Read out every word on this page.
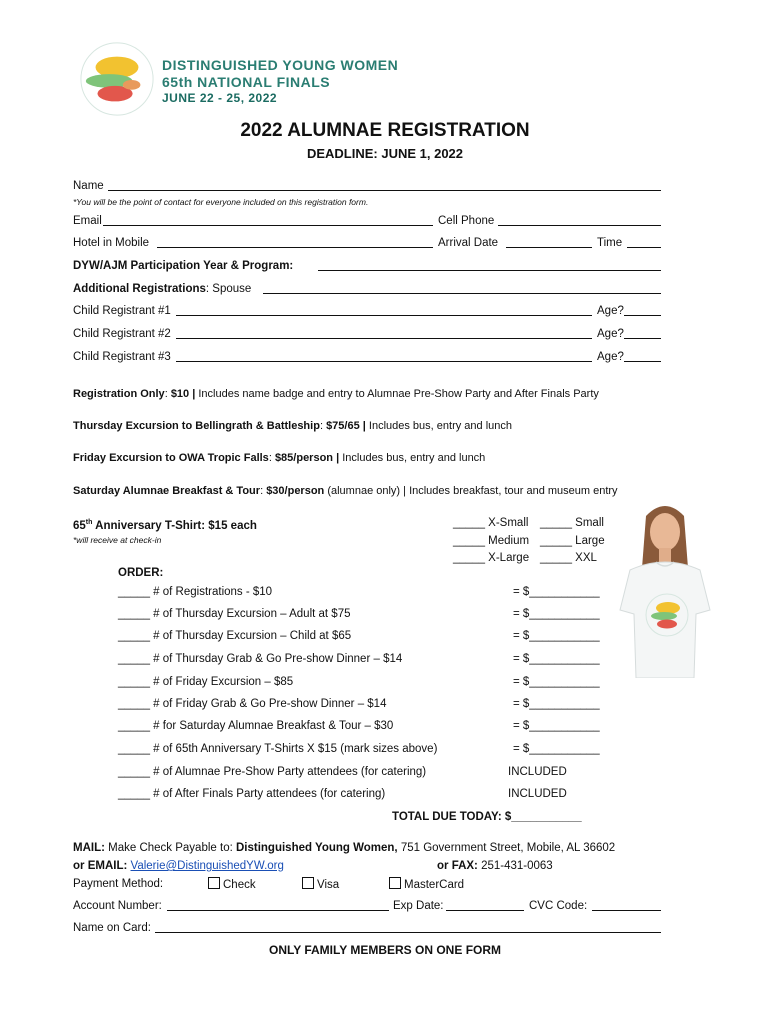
DISTINGUISHED YOUNG WOMEN
65th NATIONAL FINALS
JUNE 22 - 25, 2022
2022 ALUMNAE REGISTRATION
DEADLINE: JUNE 1, 2022
Name
*You will be the point of contact for everyone included on this registration form.
Email	Cell Phone
Hotel in Mobile	Arrival Date	Time
DYW/AJM Participation Year & Program:
Additional Registrations: Spouse
Child Registrant #1	Age?
Child Registrant #2	Age?
Child Registrant #3	Age?
Registration Only: $10 | Includes name badge and entry to Alumnae Pre-Show Party and After Finals Party
Thursday Excursion to Bellingrath & Battleship: $75/65 | Includes bus, entry and lunch
Friday Excursion to OWA Tropic Falls: $85/person | Includes bus, entry and lunch
Saturday Alumnae Breakfast & Tour: $30/person (alumnae only) | Includes breakfast, tour and museum entry
65th Anniversary T-Shirt: $15 each
*will receive at check-in
_____ X-Small _____ Small
_____ Medium _____ Large
_____ X-Large _____ XXL
ORDER:
_____ # of Registrations - $10	= $___________
_____ # of Thursday Excursion – Adult at $75	= $___________
_____ # of Thursday Excursion – Child at $65	= $___________
_____ # of Thursday Grab & Go Pre-show Dinner – $14	= $___________
_____ # of Friday Excursion – $85	= $___________
_____ # of Friday Grab & Go Pre-show Dinner – $14	= $___________
_____ # for Saturday Alumnae Breakfast & Tour – $30	= $___________
_____ # of 65th Anniversary T-Shirts X $15 (mark sizes above)	= $___________
_____ # of Alumnae Pre-Show Party attendees (for catering)	INCLUDED
_____ # of After Finals Party attendees (for catering)	INCLUDED
TOTAL DUE TODAY: $___________
MAIL: Make Check Payable to: Distinguished Young Women, 751 Government Street, Mobile, AL 36602
or EMAIL: Valerie@DistinguishedYW.org	or FAX: 251-431-0063
Payment Method:	Check	Visa	MasterCard
Account Number:	Exp Date:	CVC Code:
Name on Card:
ONLY FAMILY MEMBERS ON ONE FORM
